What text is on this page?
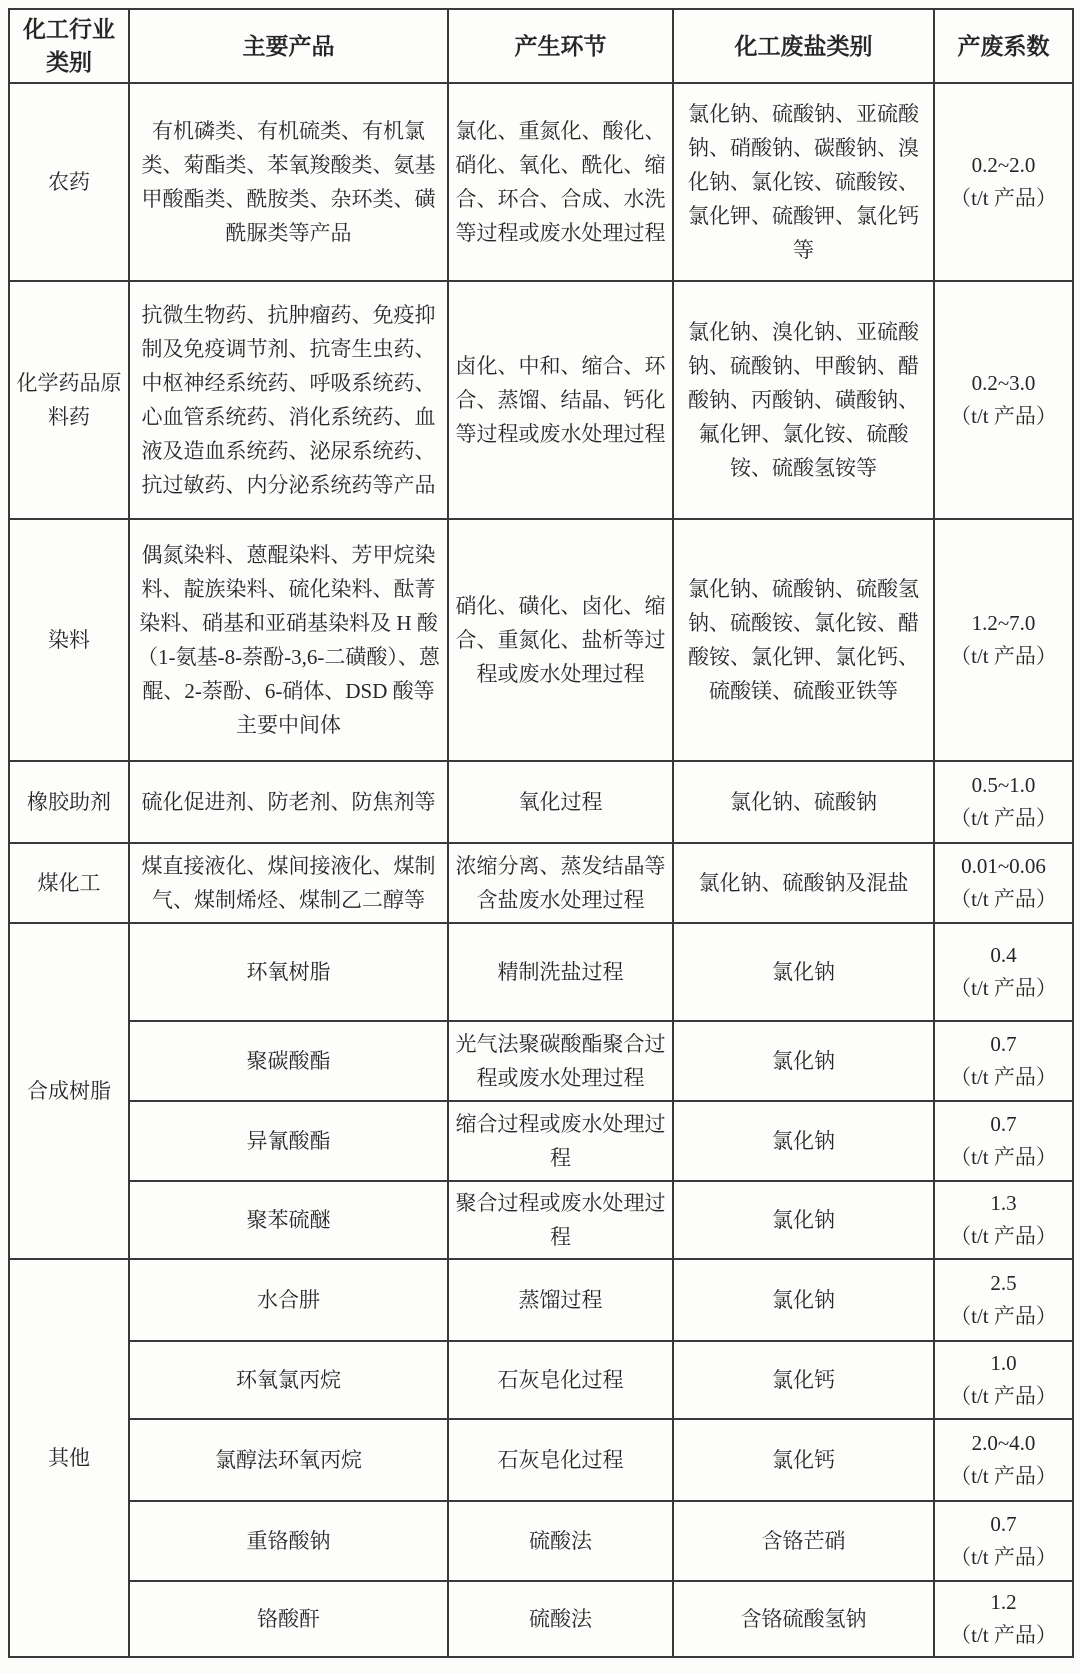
化工行业类别	主要产品	产生环节	化工废盐类别	产废系数
农药	有机磷类、有机硫类、有机氯类、菊酯类、苯氧羧酸类、氨基甲酸酯类、酰胺类、杂环类、磺酰脲类等产品	氯化、重氮化、酸化、硝化、氧化、酰化、缩合、环合、合成、水洗等过程或废水处理过程	氯化钠、硫酸钠、亚硫酸钠、硝酸钠、碳酸钠、溴化钠、氯化铵、硫酸铵、氯化钾、硫酸钾、氯化钙等	0.2~2.0
（t/t 产品）

化学药品原料药	抗微生物药、抗肿瘤药、免疫抑制及免疫调节剂、抗寄生虫药、中枢神经系统药、呼吸系统药、心血管系统药、消化系统药、血液及造血系统药、泌尿系统药、抗过敏药、内分泌系统药等产品	卤化、中和、缩合、环合、蒸馏、结晶、钙化等过程或废水处理过程	氯化钠、溴化钠、亚硫酸钠、硫酸钠、甲酸钠、醋酸钠、丙酸钠、磺酸钠、氟化钾、氯化铵、硫酸铵、硫酸氢铵等	0.2~3.0
（t/t 产品）

染料	偶氮染料、蒽醌染料、芳甲烷染料、靛族染料、硫化染料、酞菁染料、硝基和亚硝基染料及 H 酸（1-氨基-8-萘酚-3,6-二磺酸）、蒽醌、2-萘酚、6-硝体、DSD 酸等主要中间体	硝化、磺化、卤化、缩合、重氮化、盐析等过程或废水处理过程	氯化钠、硫酸钠、硫酸氢钠、硫酸铵、氯化铵、醋酸铵、氯化钾、氯化钙、硫酸镁、硫酸亚铁等	1.2~7.0
（t/t 产品）

橡胶助剂	硫化促进剂、防老剂、防焦剂等	氧化过程	氯化钠、硫酸钠	0.5~1.0
（t/t 产品）

煤化工	煤直接液化、煤间接液化、煤制气、煤制烯烃、煤制乙二醇等	浓缩分离、蒸发结晶等含盐废水处理过程	氯化钠、硫酸钠及混盐	0.01~0.06
（t/t 产品）

合成树脂	环氧树脂	精制洗盐过程	氯化钠	0.4
（t/t 产品）

	聚碳酸酯	光气法聚碳酸酯聚合过程或废水处理过程	氯化钠	0.7
（t/t 产品）

	异氰酸酯	缩合过程或废水处理过程	氯化钠	0.7
（t/t 产品）

	聚苯硫醚	聚合过程或废水处理过程	氯化钠	1.3
（t/t 产品）

其他	水合肼	蒸馏过程	氯化钠	2.5
（t/t 产品）

	环氧氯丙烷	石灰皂化过程	氯化钙	1.0
（t/t 产品）

	氯醇法环氧丙烷	石灰皂化过程	氯化钙	2.0~4.0
（t/t 产品）

	重铬酸钠	硫酸法	含铬芒硝	0.7
（t/t 产品）

	铬酸酐	硫酸法	含铬硫酸氢钠	1.2
（t/t 产品）
